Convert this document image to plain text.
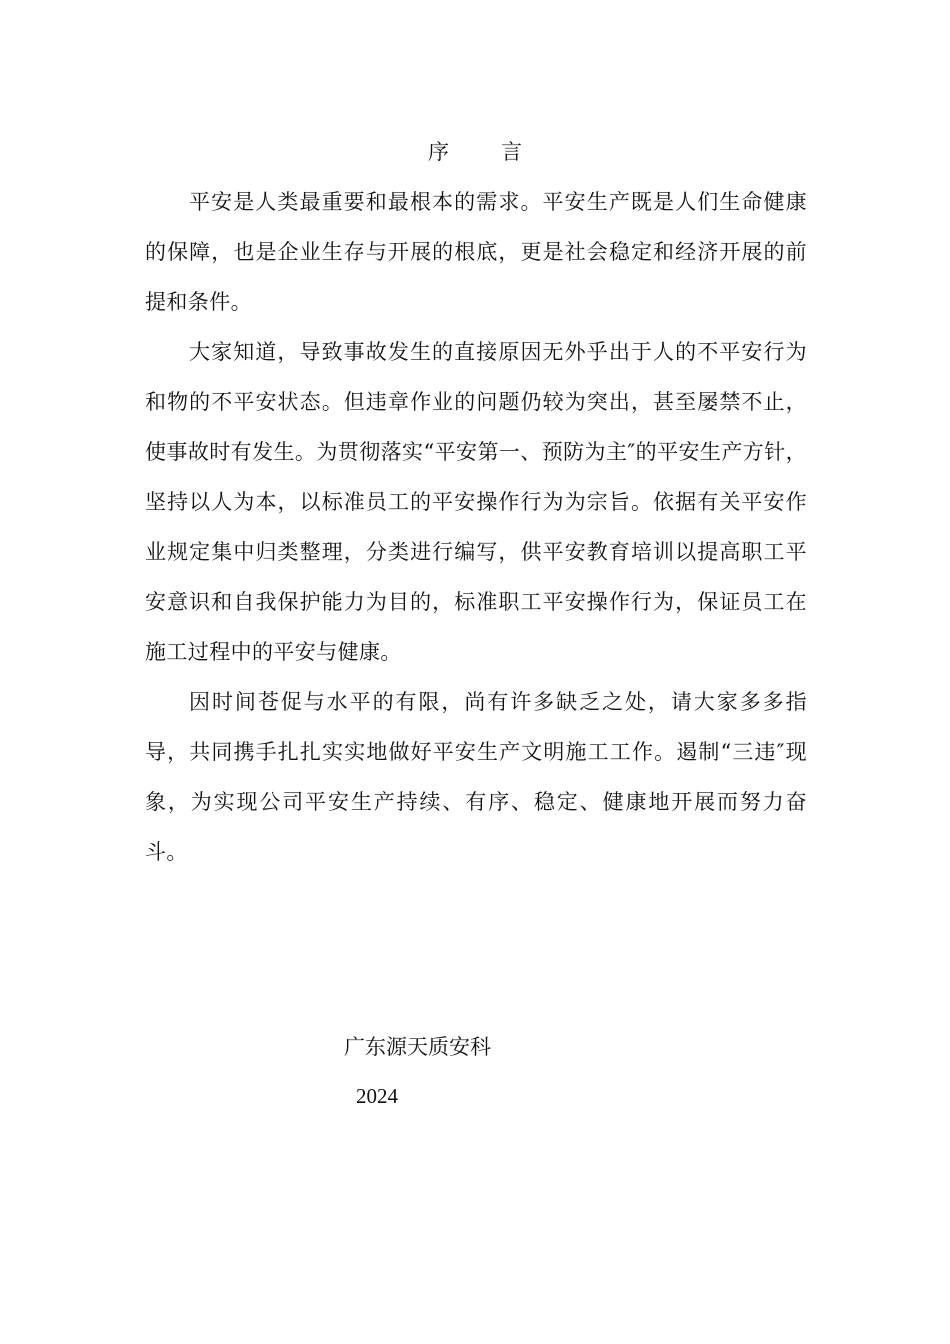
序 言

平安是人类最重要和最根本的需求。平安生产既是人们生命健康的保障，也是企业生存与开展的根底，更是社会稳定和经济开展的前提和条件。

大家知道，导致事故发生的直接原因无外乎出于人的不平安行为和物的不平安状态。但违章作业的问题仍较为突出，甚至屡禁不止，使事故时有发生。为贯彻落实“平安第一、预防为主″的平安生产方针，坚持以人为本，以标准员工的平安操作行为为宗旨。依据有关平安作业规定集中归类整理，分类进行编写，供平安教育培训以提高职工平安意识和自我保护能力为目的，标准职工平安操作行为，保证员工在施工过程中的平安与健康。

因时间苍促与水平的有限，尚有许多缺乏之处，请大家多多指导，共同携手扎扎实实地做好平安生产文明施工工作。遏制“三违″现象，为实现公司平安生产持续、有序、稳定、健康地开展而努力奋斗。

广东源天质安科
2024
